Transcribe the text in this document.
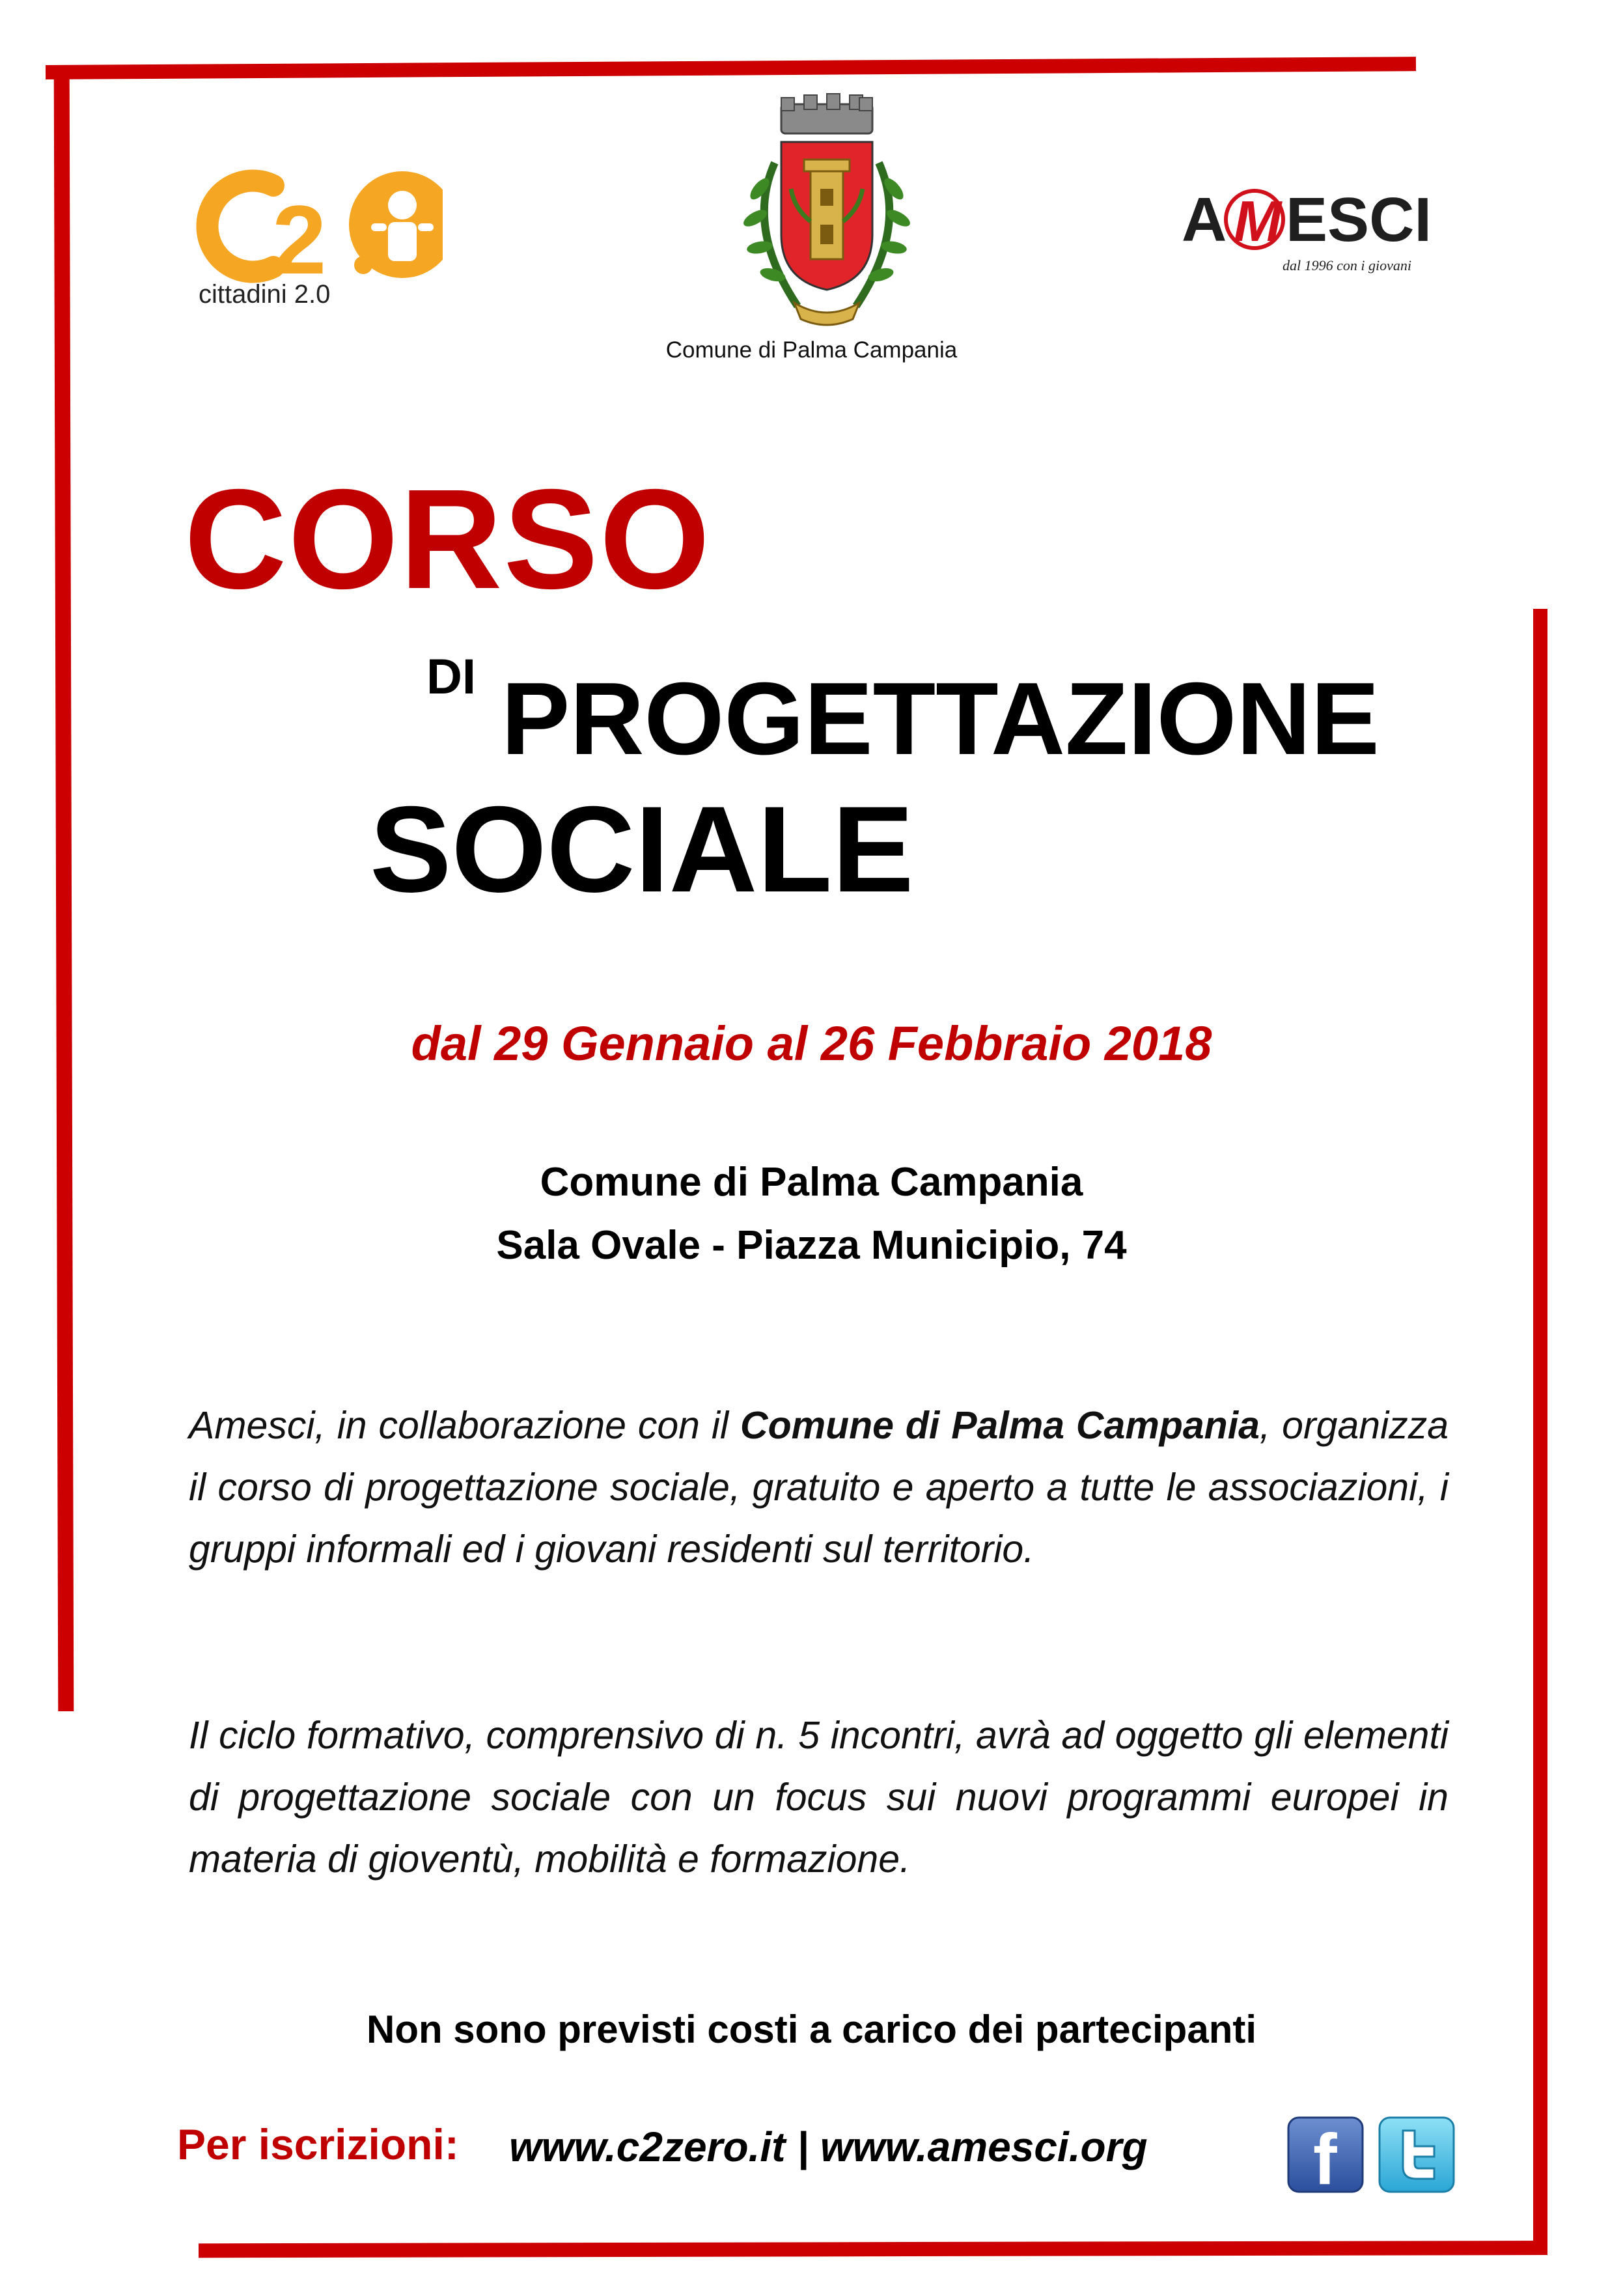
2
cittadini 2.0
Comune di Palma Campania
A M ESCI
dal 1996 con i giovani
CORSO
DI PROGETTAZIONE
SOCIALE
dal 29 Gennaio al 26 Febbraio 2018
Comune di Palma Campania
Sala Ovale - Piazza Municipio, 74
Amesci, in collaborazione con il Comune di Palma Campania, organizza il corso di progettazione sociale, gratuito e aperto a tutte le associazioni, i gruppi informali ed i giovani residenti sul territorio.
Il ciclo formativo, comprensivo di n. 5 incontri, avrà ad oggetto gli elementi di progettazione sociale con un focus sui nuovi programmi europei in materia di gioventù, mobilità e formazione.
Non sono previsti costi a carico dei partecipanti
Per iscrizioni: www.c2zero.it | www.amesci.org f
